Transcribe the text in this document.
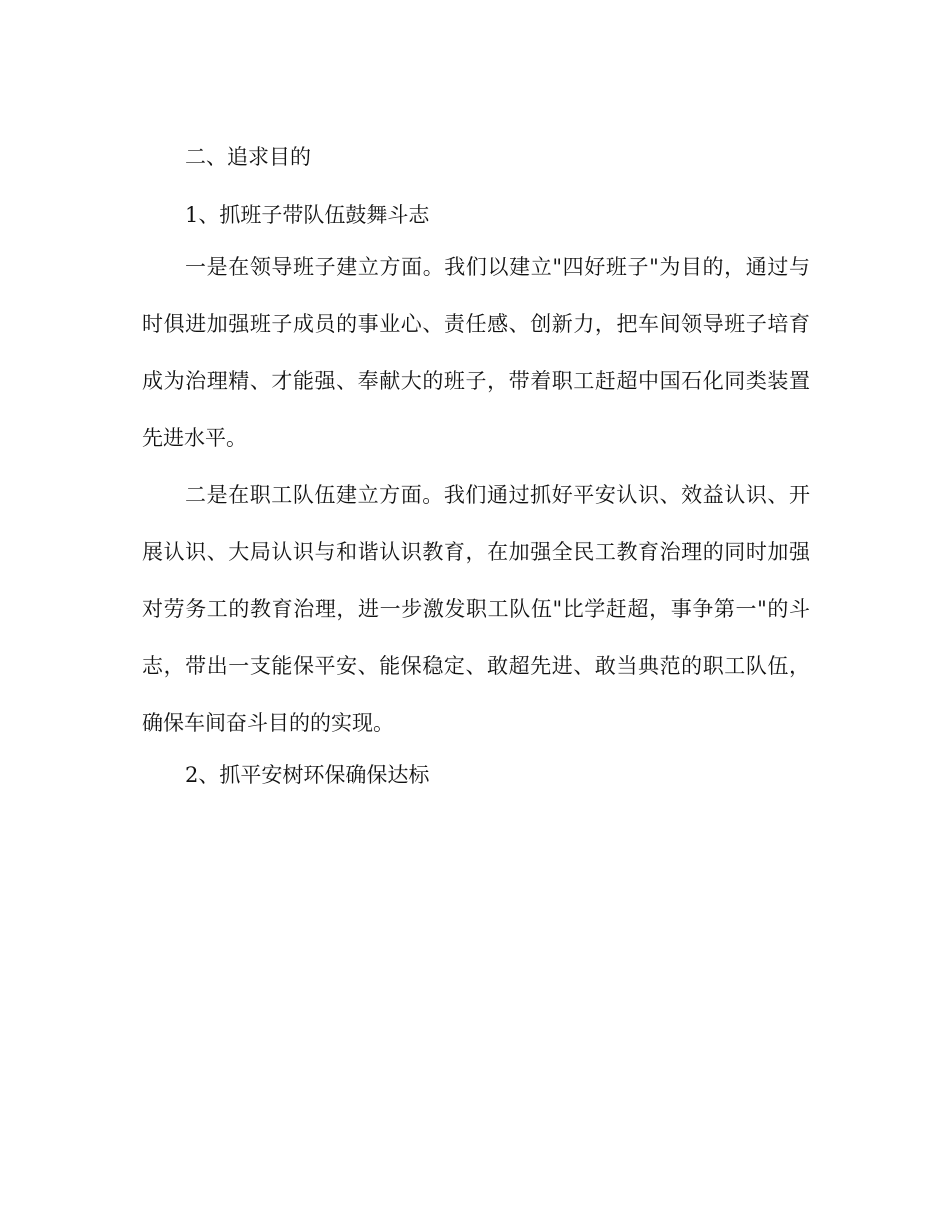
二、追求目的

1、抓班子带队伍鼓舞斗志

一是在领导班子建立方面。我们以建立"四好班子"为目的，通过与时俱进加强班子成员的事业心、责任感、创新力，把车间领导班子培育成为治理精、才能强、奉献大的班子，带着职工赶超中国石化同类装置先进水平。

二是在职工队伍建立方面。我们通过抓好平安认识、效益认识、开展认识、大局认识与和谐认识教育，在加强全民工教育治理的同时加强对劳务工的教育治理，进一步激发职工队伍"比学赶超，事争第一"的斗志，带出一支能保平安、能保稳定、敢超先进、敢当典范的职工队伍，确保车间奋斗目的的实现。

2、抓平安树环保确保达标
